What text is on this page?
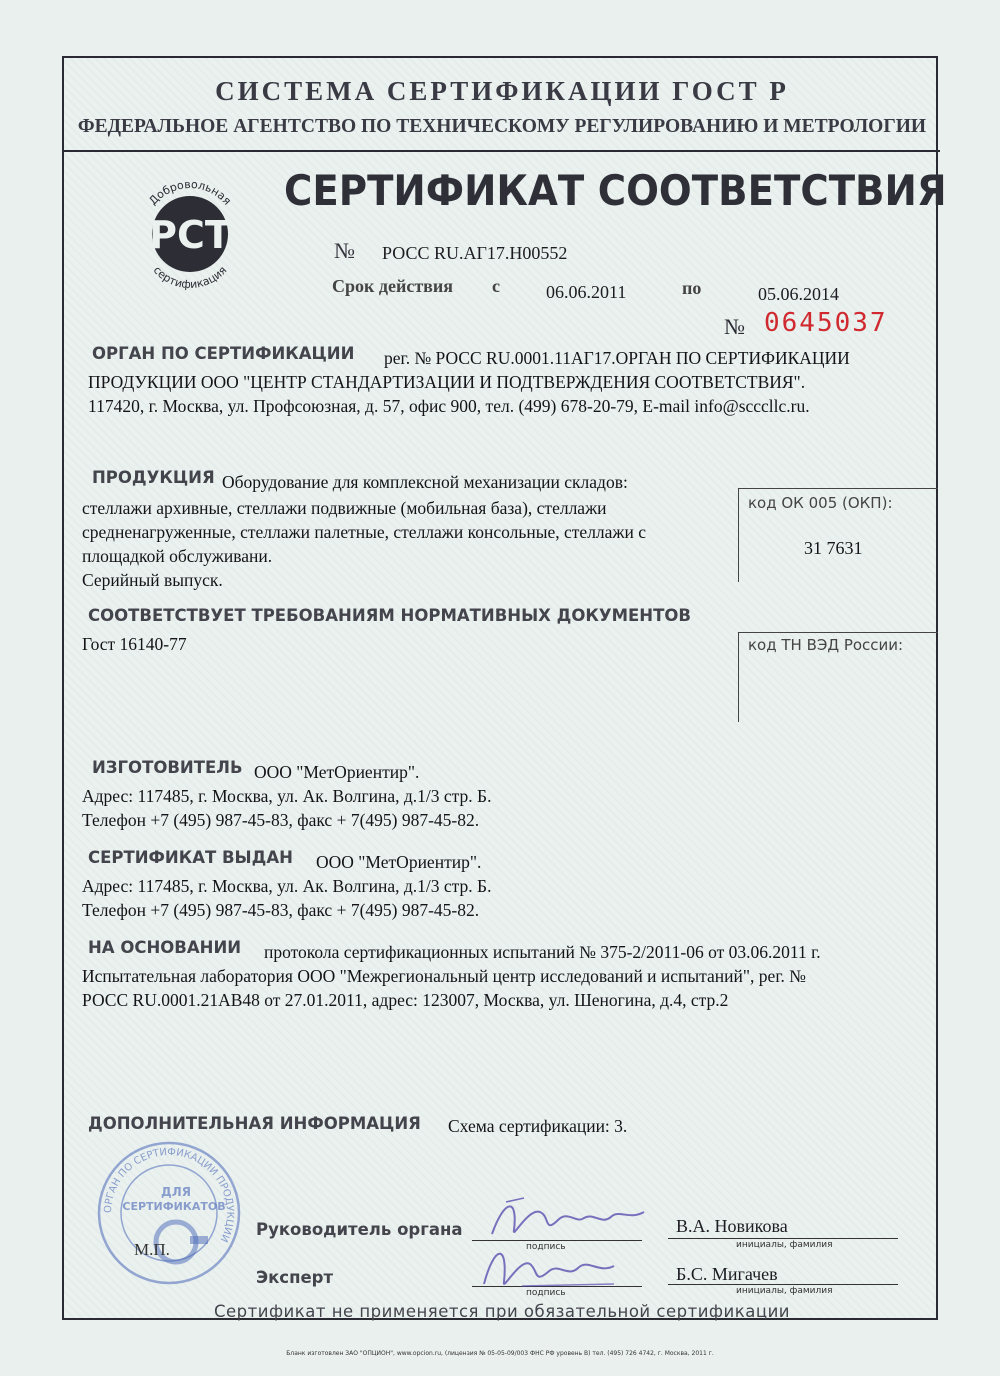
СИСТЕМА СЕРТИФИКАЦИИ ГОСТ Р
ФЕДЕРАЛЬНОЕ АГЕНТСТВО ПО ТЕХНИЧЕСКОМУ РЕГУЛИРОВАНИЮ И МЕТРОЛОГИИ
Добровольная
сертификация
РСТ
СЕРТИФИКАТ СООТВЕТСТВИЯ
№ РОСС RU.АГ17.Н00552
Срок действия с	06.06.2011	по	05.06.2014
№ 0645037
ОРГАН ПО СЕРТИФИКАЦИИ рег. № РОСС RU.0001.11АГ17.ОРГАН ПО СЕРТИФИКАЦИИ
ПРОДУКЦИИ ООО "ЦЕНТР СТАНДАРТИЗАЦИИ И ПОДТВЕРЖДЕНИЯ СООТВЕТСТВИЯ".
117420, г. Москва, ул. Профсоюзная, д. 57, офис 900, тел. (499) 678-20-79, E-mail info@scccllc.ru.
ПРОДУКЦИЯ Оборудование для комплексной механизации складов:
стеллажи архивные, стеллажи подвижные (мобильная база), стеллажи
средненагруженные, стеллажи палетные, стеллажи консольные, стеллажи с
площадкой обслуживани.
Серийный выпуск.
код ОК 005 (ОКП):
31 7631
СООТВЕТСТВУЕТ ТРЕБОВАНИЯМ НОРМАТИВНЫХ ДОКУМЕНТОВ
Гост 16140-77	код ТН ВЭД России:
ИЗГОТОВИТЕЛЬ ООО "МетОриентир".
Адрес: 117485, г. Москва, ул. Ак. Волгина, д.1/3 стр. Б.
Телефон +7 (495) 987-45-83, факс + 7(495) 987-45-82.
СЕРТИФИКАТ ВЫДАН ООО "МетОриентир".
Адрес: 117485, г. Москва, ул. Ак. Волгина, д.1/3 стр. Б.
Телефон +7 (495) 987-45-83, факс + 7(495) 987-45-82.
НА ОСНОВАНИИ протокола сертификационных испытаний № 375-2/2011-06 от 03.06.2011 г.
Испытательная лаборатория ООО "Межрегиональный центр исследований и испытаний", рег. №
РОСС RU.0001.21АВ48 от 27.01.2011, адрес: 123007, Москва, ул. Шеногина, д.4, стр.2
ДОПОЛНИТЕЛЬНАЯ ИНФОРМАЦИЯ Схема сертификации: 3.
ОРГАН ПО СЕРТИФИКАЦИИ ПРОДУКЦИИ
ДЛЯ
СЕРТИФИКАТОВ
М.П.
Руководитель органа
подпись
В.А. Новикова
инициалы, фамилия
Эксперт
подпись
Б.С. Мигачев
инициалы, фамилия
Сертификат не применяется при обязательной сертификации
Бланк изготовлен ЗАО "ОПЦИОН", www.opcion.ru, (лицензия № 05-05-09/003 ФНС РФ уровень В) тел. (495) 726 4742, г. Москва, 2011 г.
